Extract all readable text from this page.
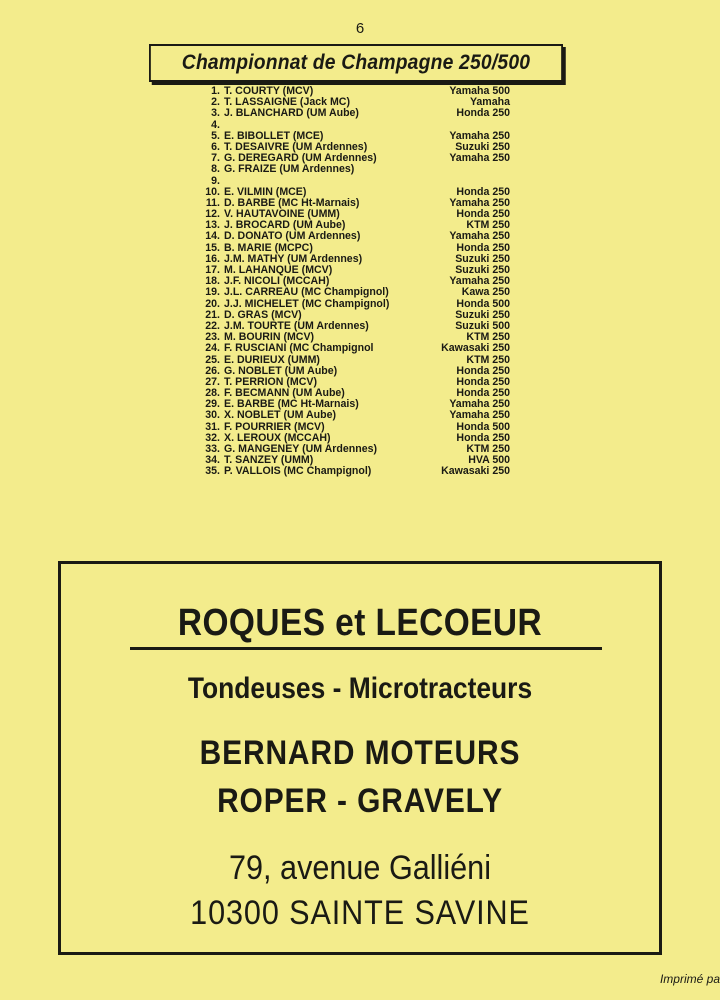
6
Championnat de Champagne 250/500
1. T. COURTY (MCV)	Yamaha 500
2. T. LASSAIGNE (Jack MC)	Yamaha
3. J. BLANCHARD (UM Aube)	Honda 250
4.
5. E. BIBOLLET (MCE)	Yamaha 250
6. T. DESAIVRE (UM Ardennes)	Suzuki 250
7. G. DEREGARD (UM Ardennes)	Yamaha 250
8. G. FRAIZE (UM Ardennes)
9.
10. E. VILMIN (MCE)	Honda 250
11. D. BARBE (MC Ht-Marnais)	Yamaha 250
12. V. HAUTAVOINE (UMM)	Honda 250
13. J. BROCARD (UM Aube)	KTM 250
14. D. DONATO (UM Ardennes)	Yamaha 250
15. B. MARIE (MCPC)	Honda 250
16. J.M. MATHY (UM Ardennes)	Suzuki 250
17. M. LAHANQUE (MCV)	Suzuki 250
18. J.F. NICOLI (MCCAH)	Yamaha 250
19. J.L. CARREAU (MC Champignol)	Kawa 250
20. J.J. MICHELET (MC Champignol)	Honda 500
21. D. GRAS (MCV)	Suzuki 250
22. J.M. TOURTE (UM Ardennes)	Suzuki 500
23. M. BOURIN (MCV)	KTM 250
24. F. RUSCIANI (MC Champignol	Kawasaki 250
25. E. DURIEUX (UMM)	KTM 250
26. G. NOBLET (UM Aube)	Honda 250
27. T. PERRION (MCV)	Honda 250
28. F. BECMANN (UM Aube)	Honda 250
29. E. BARBE (MC Ht-Marnais)	Yamaha 250
30. X. NOBLET (UM Aube)	Yamaha 250
31. F. POURRIER (MCV)	Honda 500
32. X. LEROUX (MCCAH)	Honda 250
33. G. MANGENEY (UM Ardennes)	KTM 250
34. T. SANZEY (UMM)	HVA 500
35. P. VALLOIS (MC Champignol)	Kawasaki 250
ROQUES et LECOEUR
Tondeuses - Microtracteurs
BERNARD MOTEURS
ROPER - GRAVELY
79, avenue Galliéni
10300 SAINTE SAVINE
Imprimé pa
